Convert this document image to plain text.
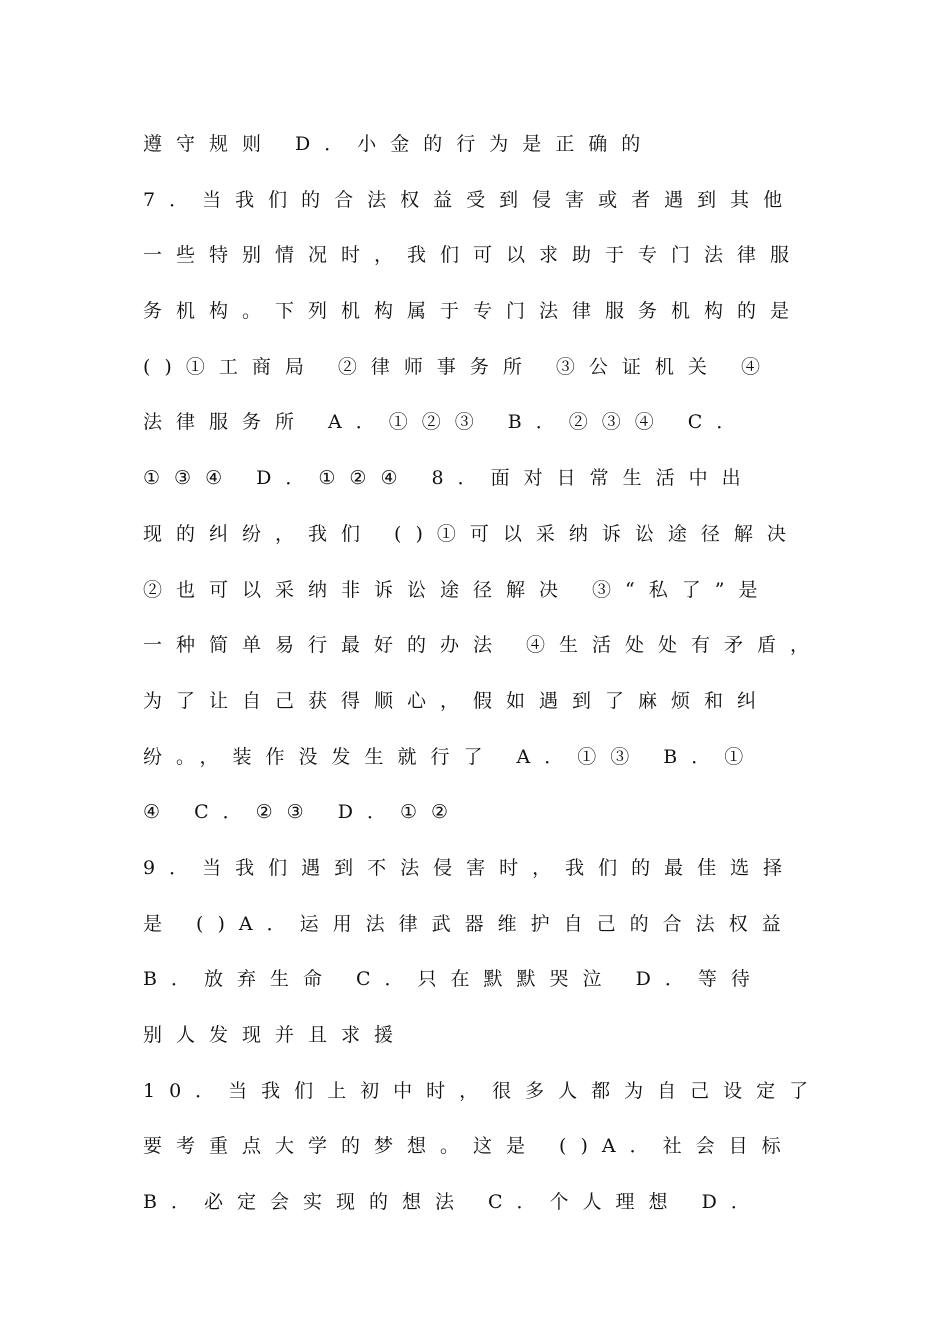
遵守规则 D．小金的行为是正确的
7．当我们的合法权益受到侵害或者遇到其他
一些特别情况时，我们可以求助于专门法律服
务机构。下列机构属于专门法律服务机构的是
()①工商局 ②律师事务所 ③公证机关 ④
法律服务所 A．①②③ B．②③④ C．
①③④ D．①②④ 8．面对日常生活中出
现的纠纷，我们 ()①可以采纳诉讼途径解决
②也可以采纳非诉讼途径解决 ③“私了”是
一种简单易行最好的办法 ④生活处处有矛盾，
为了让自己获得顺心，假如遇到了麻烦和纠
纷。，装作没发生就行了 A．①③ B．①
④ C．②③ D．①②
9．当我们遇到不法侵害时，我们的最佳选择
是 ()A．运用法律武器维护自己的合法权益
B．放弃生命 C．只在默默哭泣 D．等待
别人发现并且求援
10．当我们上初中时，很多人都为自己设定了
要考重点大学的梦想。这是 ()A．社会目标
B．必定会实现的想法 C．个人理想 D．
